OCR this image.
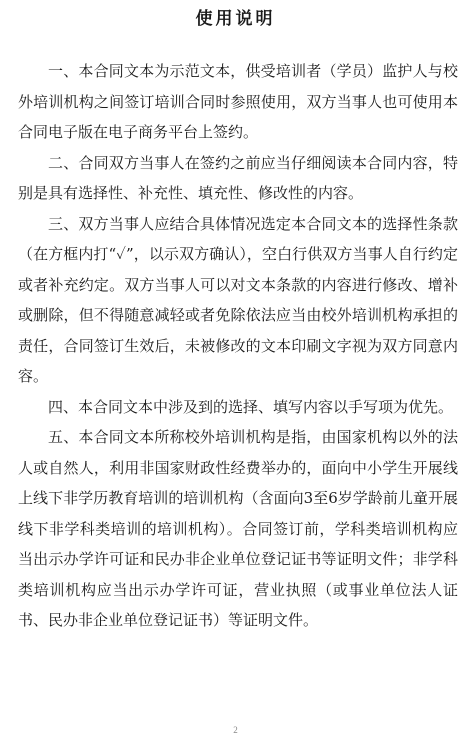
使用说明

一、本合同文本为示范文本，供受培训者（学员）监护人与校外培训机构之间签订培训合同时参照使用，双方当事人也可使用本合同电子版在电子商务平台上签约。

二、合同双方当事人在签约之前应当仔细阅读本合同内容，特别是具有选择性、补充性、填充性、修改性的内容。

三、双方当事人应结合具体情况选定本合同文本的选择性条款（在方框内打“✓”，以示双方确认），空白行供双方当事人自行约定或者补充约定。双方当事人可以对文本条款的内容进行修改、增补或删除，但不得随意减轻或者免除依法应当由校外培训机构承担的责任，合同签订生效后，未被修改的文本印刷文字视为双方同意内容。

四、本合同文本中涉及到的选择、填写内容以手写项为优先。

五、本合同文本所称校外培训机构是指，由国家机构以外的法人或自然人，利用非国家财政性经费举办的，面向中小学生开展线上线下非学历教育培训的培训机构（含面向3至6岁学龄前儿童开展线下非学科类培训的培训机构）。合同签订前，学科类培训机构应当出示办学许可证和民办非企业单位登记证书等证明文件；非学科类培训机构应当出示办学许可证，营业执照（或事业单位法人证书、民办非企业单位登记证书）等证明文件。

2
